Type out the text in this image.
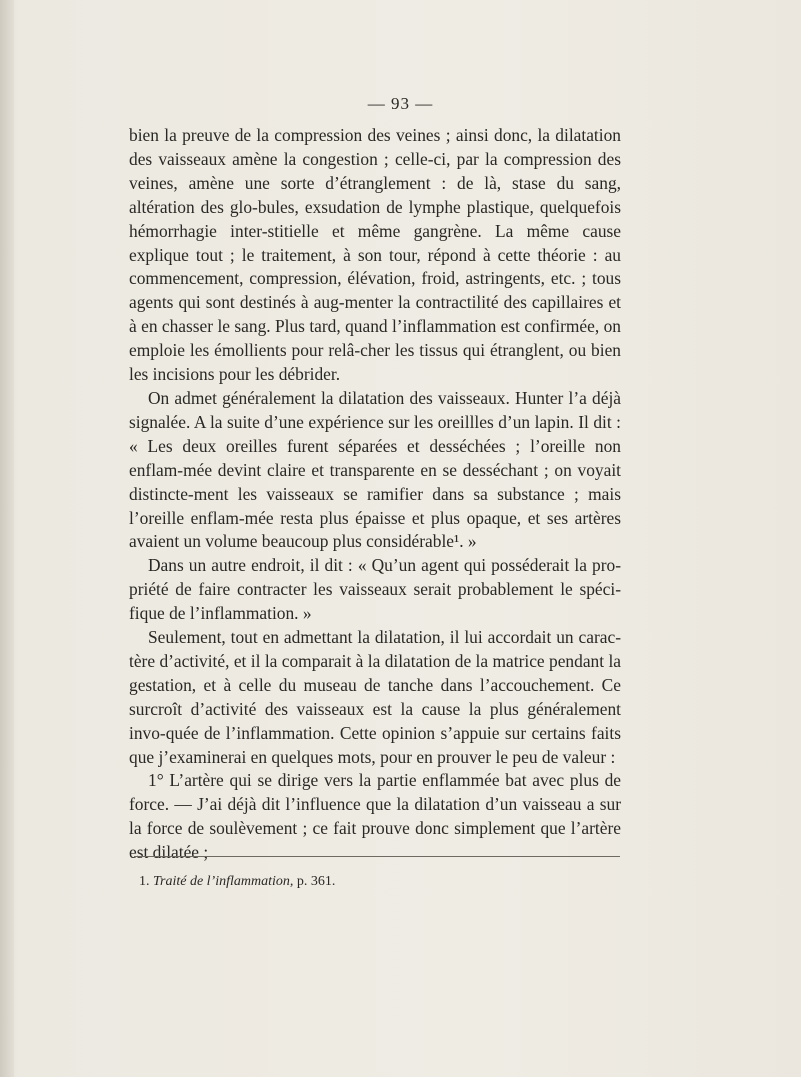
— 93 —

bien la preuve de la compression des veines ; ainsi donc, la dilatation des vaisseaux amène la congestion ; celle-ci, par la compression des veines, amène une sorte d’étranglement : de là, stase du sang, altération des glo-bules, exsudation de lymphe plastique, quelquefois hémorrhagie inter-stitielle et même gangrène. La même cause explique tout ; le traitement, à son tour, répond à cette théorie : au commencement, compression, élévation, froid, astringents, etc. ; tous agents qui sont destinés à aug-menter la contractilité des capillaires et à en chasser le sang. Plus tard, quand l’inflammation est confirmée, on emploie les émollients pour relâ-cher les tissus qui étranglent, ou bien les incisions pour les débrider.

On admet généralement la dilatation des vaisseaux. Hunter l’a déjà signalée. A la suite d’une expérience sur les oreillles d’un lapin. Il dit : « Les deux oreilles furent séparées et desséchées ; l’oreille non enflam-mée devint claire et transparente en se desséchant ; on voyait distincte-ment les vaisseaux se ramifier dans sa substance ; mais l’oreille enflam-mée resta plus épaisse et plus opaque, et ses artères avaient un volume beaucoup plus considérable¹. »

Dans un autre endroit, il dit : « Qu’un agent qui posséderait la pro-priété de faire contracter les vaisseaux serait probablement le spéci-fique de l’inflammation. »

Seulement, tout en admettant la dilatation, il lui accordait un carac-tère d’activité, et il la comparait à la dilatation de la matrice pendant la gestation, et à celle du museau de tanche dans l’accouchement. Ce surcroît d’activité des vaisseaux est la cause la plus généralement invo-quée de l’inflammation. Cette opinion s’appuie sur certains faits que j’examinerai en quelques mots, pour en prouver le peu de valeur :

1° L’artère qui se dirige vers la partie enflammée bat avec plus de force. — J’ai déjà dit l’influence que la dilatation d’un vaisseau a sur la force de soulèvement ; ce fait prouve donc simplement que l’artère est dilatée ;

1. Traité de l’inflammation, p. 361.
